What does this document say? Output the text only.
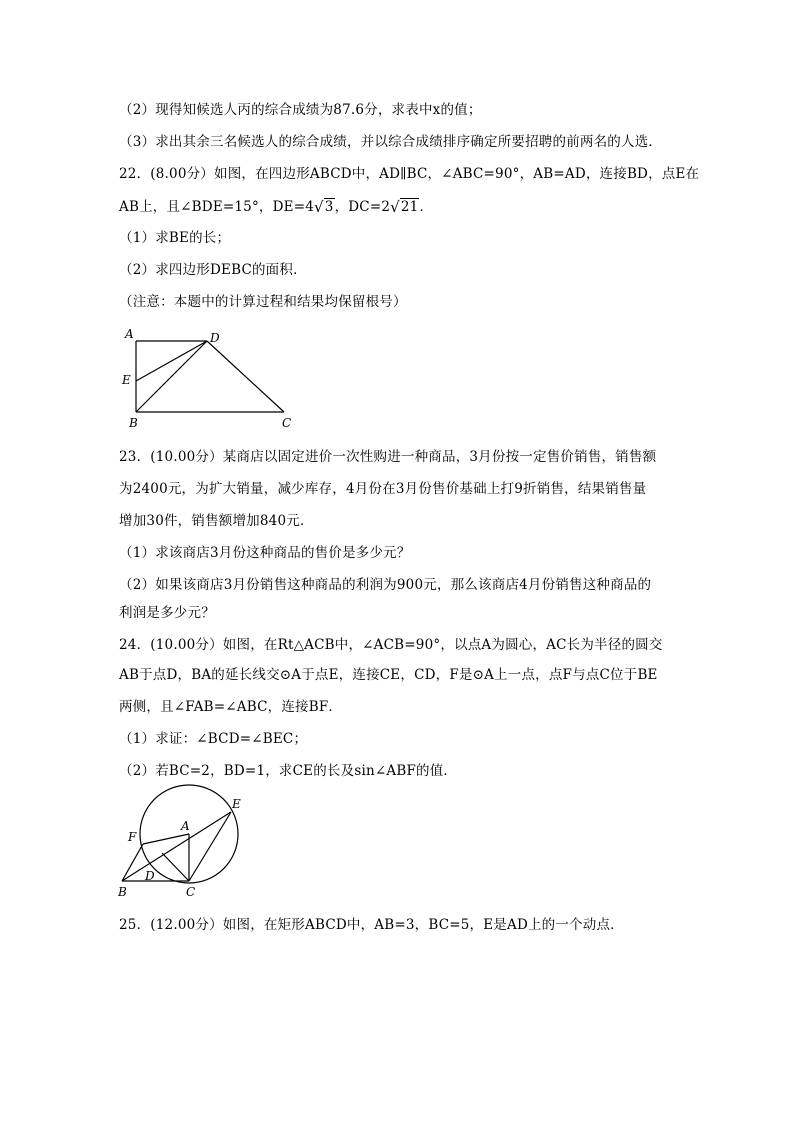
（2）现得知候选人丙的综合成绩为87.6分，求表中x的值；
（3）求出其余三名候选人的综合成绩，并以综合成绩排序确定所要招聘的前两名的人选．
22．(8.00分）如图，在四边形ABCD中，AD∥BC，∠ABC=90°，AB=AD，连接BD，点E在
AB上，且∠BDE=15°，DE=4√3，DC=2√21．
（1）求BE的长；
（2）求四边形DEBC的面积．
（注意：本题中的计算过程和结果均保留根号）
23．(10.00分）某商店以固定进价一次性购进一种商品，3月份按一定售价销售，销售额
为2400元，为扩大销量，减少库存，4月份在3月份售价基础上打9折销售，结果销售量
增加30件，销售额增加840元．
（1）求该商店3月份这种商品的售价是多少元？
（2）如果该商店3月份销售这种商品的利润为900元，那么该商店4月份销售这种商品的
利润是多少元？
24．(10.00分）如图，在Rt△ACB中，∠ACB=90°，以点A为圆心，AC长为半径的圆交
AB于点D，BA的延长线交⊙A于点E，连接CE，CD，F是⊙A上一点，点F与点C位于BE
两侧，且∠FAB=∠ABC，连接BF．
（1）求证：∠BCD=∠BEC；
（2）若BC=2，BD=1，求CE的长及sin∠ABF的值．
25．(12.00分）如图，在矩形ABCD中，AB=3，BC=5，E是AD上的一个动点．
A	D
E
B	C
E
F
A
D
B	C
